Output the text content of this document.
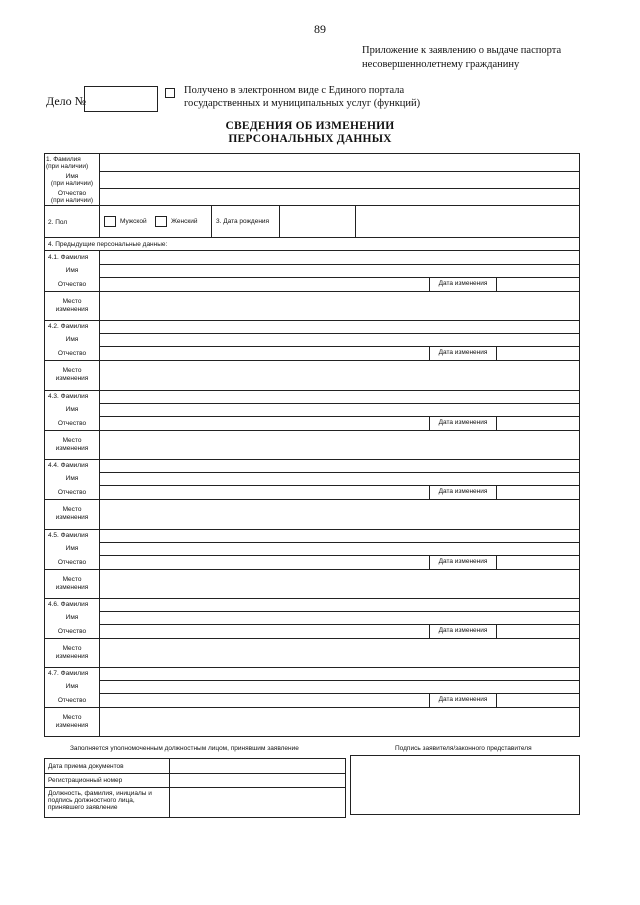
89
Приложение к заявлению о выдаче паспорта
несовершеннолетнему гражданину
Дело №
Получено в электронном виде с Единого портала
государственных и муниципальных услуг (функций)
СВЕДЕНИЯ ОБ ИЗМЕНЕНИИ
ПЕРСОНАЛЬНЫХ ДАННЫХ
1. Фамилия
(при наличии)
Имя
(при наличии)
Отчество
(при наличии)
2. Пол	Мужской	Женский	3. Дата рождения
4. Предыдущие персональные данные:
4.1. Фамилия
Имя
Отчество	Дата изменения
Место
изменения
4.2. Фамилия
Имя
Отчество	Дата изменения
Место
изменения
4.3. Фамилия
Имя
Отчество	Дата изменения
Место
изменения
4.4. Фамилия
Имя
Отчество	Дата изменения
Место
изменения
4.5. Фамилия
Имя
Отчество	Дата изменения
Место
изменения
4.6. Фамилия
Имя
Отчество	Дата изменения
Место
изменения
4.7. Фамилия
Имя
Отчество	Дата изменения
Место
изменения
Заполняется уполномоченным должностным лицом, принявшим заявление	Подпись заявителя/законного представителя
Дата приема документов
Регистрационный номер
Должность, фамилия, инициалы и
подпись должностного лица,
принявшего заявление
